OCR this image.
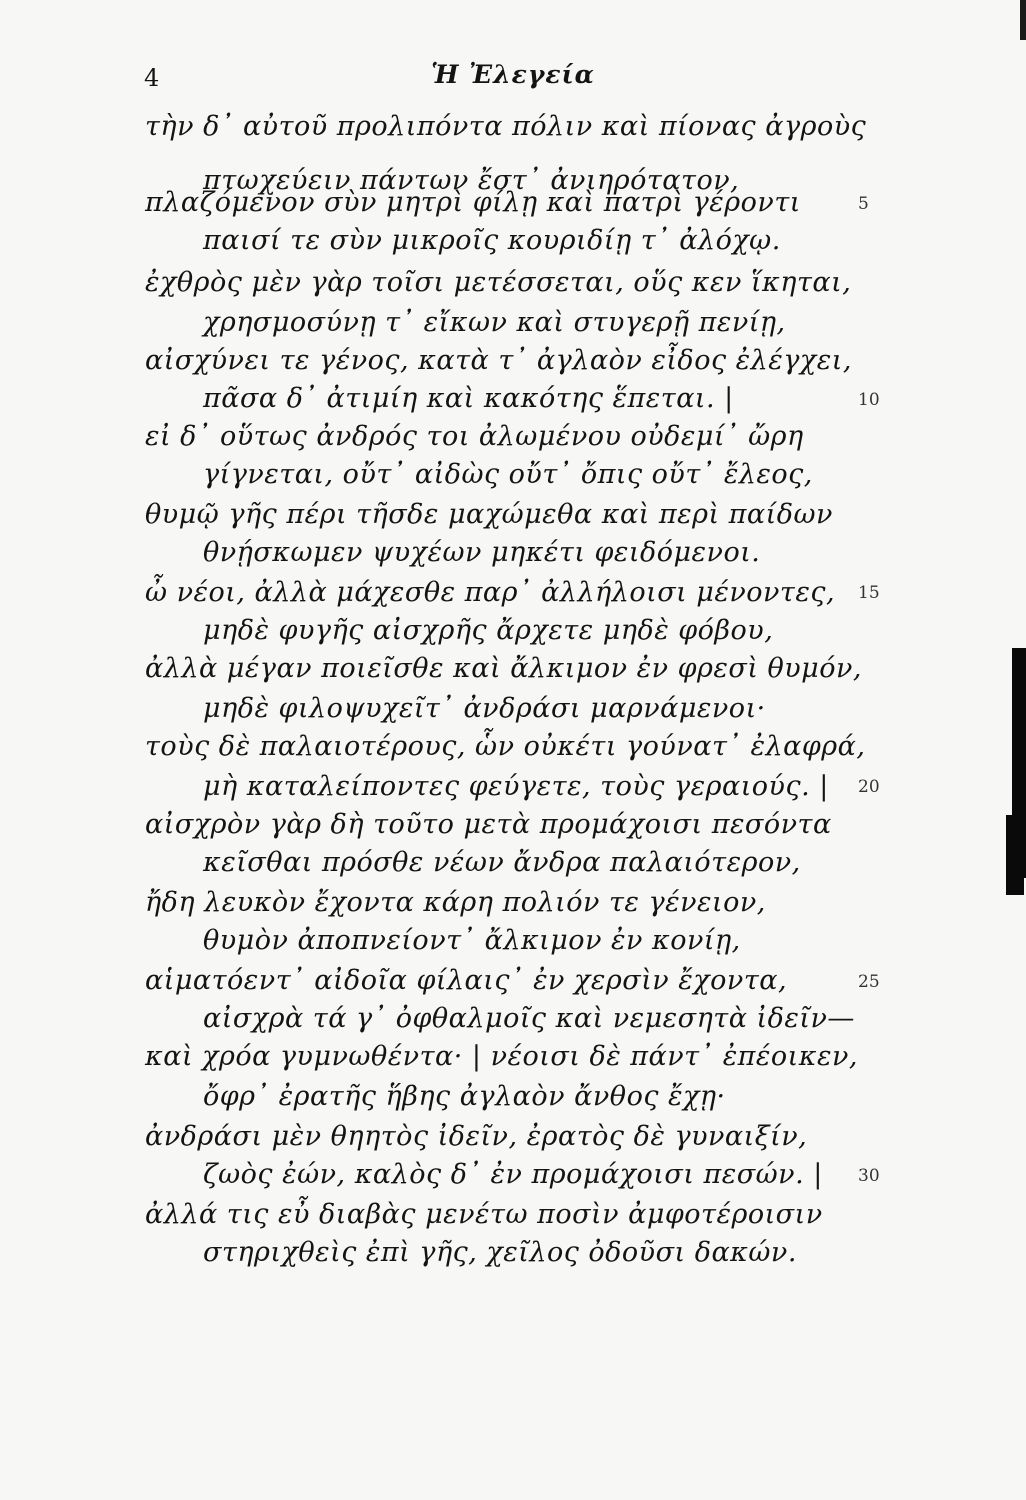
4	Ἡ Ἐλεγεία
τὴν δ᾽ αὐτοῦ προλιπόντα πόλιν καὶ πίονας ἀγροὺς
πτωχεύειν πάντων ἔστ᾽ ἀνιηρότατον,
πλαζόμενον σὺν μητρὶ φίλῃ καὶ πατρὶ γέροντι
παισί τε σὺν μικροῖς κουριδίῃ τ᾽ ἀλόχῳ.
ἐχθρὸς μὲν γὰρ τοῖσι μετέσσεται, οὕς κεν ἵκηται,
χρησμοσύνῃ τ᾽ εἴκων καὶ στυγερῇ πενίῃ,
αἰσχύνει τε γένος, κατὰ τ᾽ ἀγλαὸν εἶδος ἐλέγχει,
πᾶσα δ᾽ ἀτιμίη καὶ κακότης ἕπεται. |
εἰ δ᾽ οὕτως ἀνδρός τοι ἀλωμένου οὐδεμί᾽ ὤρη
γίγνεται, οὔτ᾽ αἰδὼς οὔτ᾽ ὄπις οὔτ᾽ ἔλεος,
θυμῷ γῆς πέρι τῆσδε μαχώμεθα καὶ περὶ παίδων
θνῄσκωμεν ψυχέων μηκέτι φειδόμενοι.
ὦ νέοι, ἀλλὰ μάχεσθε παρ᾽ ἀλλήλοισι μένοντες,
μηδὲ φυγῆς αἰσχρῆς ἄρχετε μηδὲ φόβου,
ἀλλὰ μέγαν ποιεῖσθε καὶ ἄλκιμον ἐν φρεσὶ θυμόν,
μηδὲ φιλοψυχεῖτ᾽ ἀνδράσι μαρνάμενοι·
τοὺς δὲ παλαιοτέρους, ὧν οὐκέτι γούνατ᾽ ἐλαφρά,
μὴ καταλείποντες φεύγετε, τοὺς γεραιούς. |
αἰσχρὸν γὰρ δὴ τοῦτο μετὰ προμάχοισι πεσόντα
κεῖσθαι πρόσθε νέων ἄνδρα παλαιότερον,
ἤδη λευκὸν ἔχοντα κάρη πολιόν τε γένειον,
θυμὸν ἀποπνείοντ᾽ ἄλκιμον ἐν κονίῃ,
αἱματόεντ᾽ αἰδοῖα φίλαις᾽ ἐν χερσὶν ἔχοντα,
αἰσχρὰ τά γ᾽ ὀφθαλμοῖς καὶ νεμεσητὰ ἰδεῖν—
καὶ χρόα γυμνωθέντα· | νέοισι δὲ πάντ᾽ ἐπέοικεν,
ὄφρ᾽ ἐρατῆς ἥβης ἀγλαὸν ἄνθος ἔχῃ·
ἀνδράσι μὲν θηητὸς ἰδεῖν, ἐρατὸς δὲ γυναιξίν,
ζωὸς ἐών, καλὸς δ᾽ ἐν προμάχοισι πεσών. |
ἀλλά τις εὖ διαβὰς μενέτω ποσὶν ἀμφοτέροισιν
στηριχθεὶς ἐπὶ γῆς, χεῖλος ὀδοῦσι δακών.
5
10
15
20
25
30
